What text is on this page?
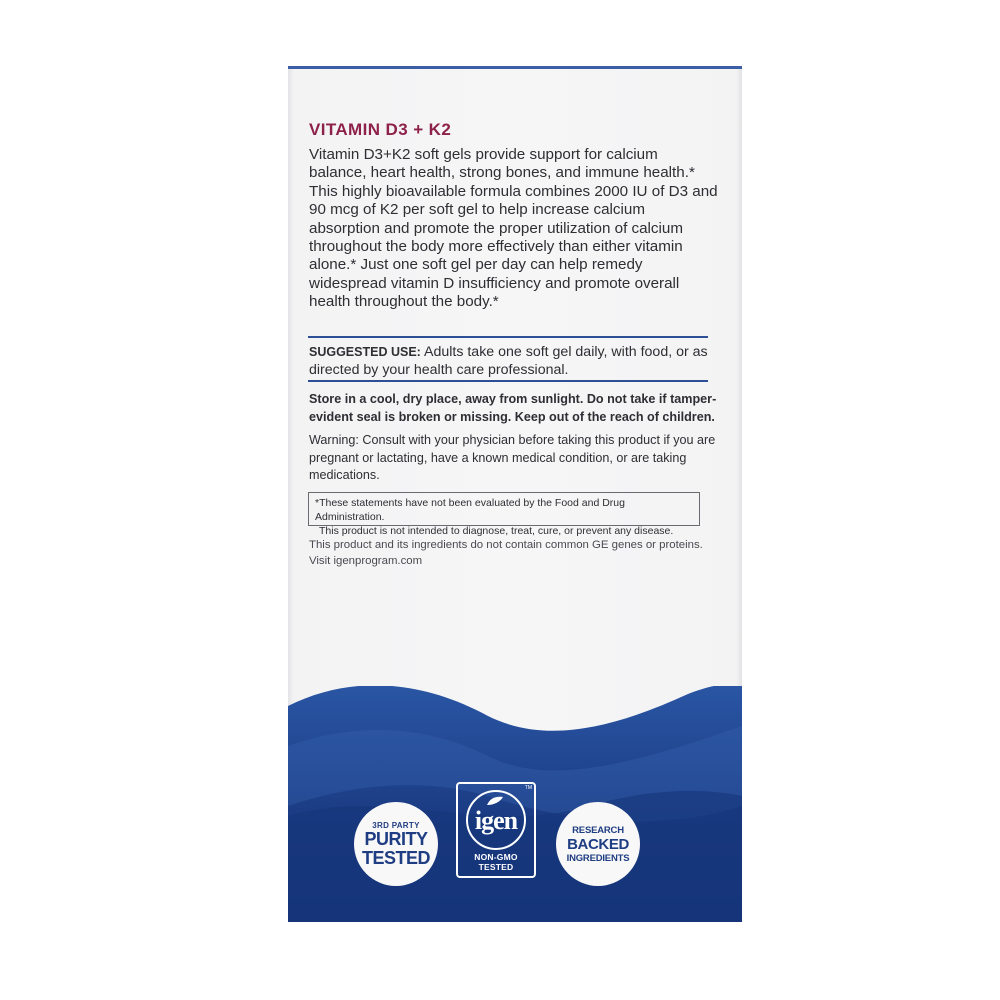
VITAMIN D3 + K2

Vitamin D3+K2 soft gels provide support for calcium balance, heart health, strong bones, and immune health.* This highly bioavailable formula combines 2000 IU of D3 and 90 mcg of K2 per soft gel to help increase calcium absorption and promote the proper utilization of calcium throughout the body more effectively than either vitamin alone.* Just one soft gel per day can help remedy widespread vitamin D insufficiency and promote overall health throughout the body.*

SUGGESTED USE: Adults take one soft gel daily, with food, or as directed by your health care professional.

Store in a cool, dry place, away from sunlight. Do not take if tamper-evident seal is broken or missing. Keep out of the reach of children.

Warning: Consult with your physician before taking this product if you are pregnant or lactating, have a known medical condition, or are taking medications.

*These statements have not been evaluated by the Food and Drug Administration.
This product is not intended to diagnose, treat, cure, or prevent any disease.

This product and its ingredients do not contain common GE genes or proteins. Visit igenprogram.com

3RD PARTY
PURITY
TESTED
igen
TM
NON-GMO
TESTED
RESEARCH
BACKED
INGREDIENTS
